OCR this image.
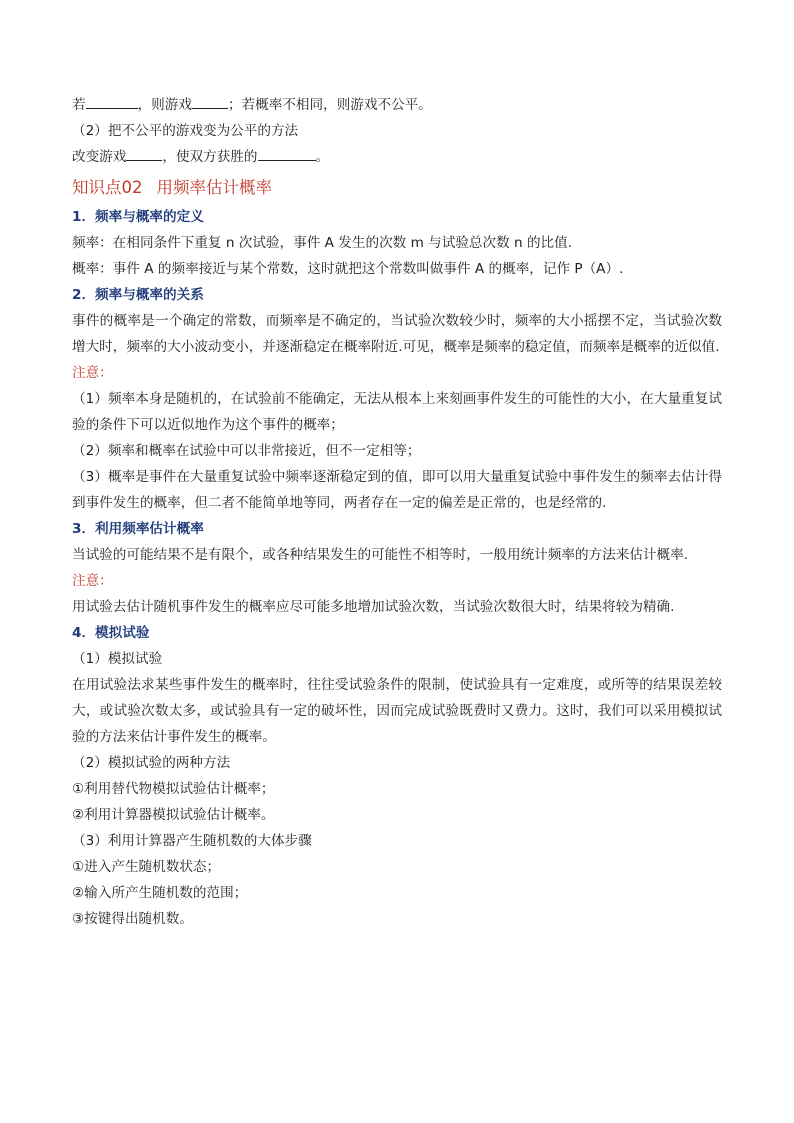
若	，则游戏	；若概率不相同，则游戏不公平。
（2）把不公平的游戏变为公平的方法
改变游戏	，使双方获胜的	。
知识点02 用频率估计概率
1．频率与概率的定义
频率：在相同条件下重复 n 次试验，事件 A 发生的次数 m 与试验总次数 n 的比值.
概率：事件 A 的频率接近与某个常数，这时就把这个常数叫做事件 A 的概率，记作 P（A）.
2．频率与概率的关系
事件的概率是一个确定的常数，而频率是不确定的，当试验次数较少时，频率的大小摇摆不定，当试验次数增大时，频率的大小波动变小，并逐渐稳定在概率附近.可见，概率是频率的稳定值，而频率是概率的近似值.
注意：
（1）频率本身是随机的，在试验前不能确定，无法从根本上来刻画事件发生的可能性的大小，在大量重复试验的条件下可以近似地作为这个事件的概率；
（2）频率和概率在试验中可以非常接近，但不一定相等；
（3）概率是事件在大量重复试验中频率逐渐稳定到的值，即可以用大量重复试验中事件发生的频率去估计得到事件发生的概率，但二者不能简单地等同，两者存在一定的偏差是正常的，也是经常的.
3．利用频率估计概率
当试验的可能结果不是有限个，或各种结果发生的可能性不相等时，一般用统计频率的方法来估计概率.
注意：
用试验去估计随机事件发生的概率应尽可能多地增加试验次数，当试验次数很大时，结果将较为精确.
4．模拟试验
（1）模拟试验
在用试验法求某些事件发生的概率时，往往受试验条件的限制，使试验具有一定难度，或所等的结果误差较大，或试验次数太多，或试验具有一定的破坏性，因而完成试验既费时又费力。这时，我们可以采用模拟试验的方法来估计事件发生的概率。
（2）模拟试验的两种方法
①利用替代物模拟试验估计概率；
②利用计算器模拟试验估计概率。
（3）利用计算器产生随机数的大体步骤
①进入产生随机数状态；
②输入所产生随机数的范围；
③按键得出随机数。
